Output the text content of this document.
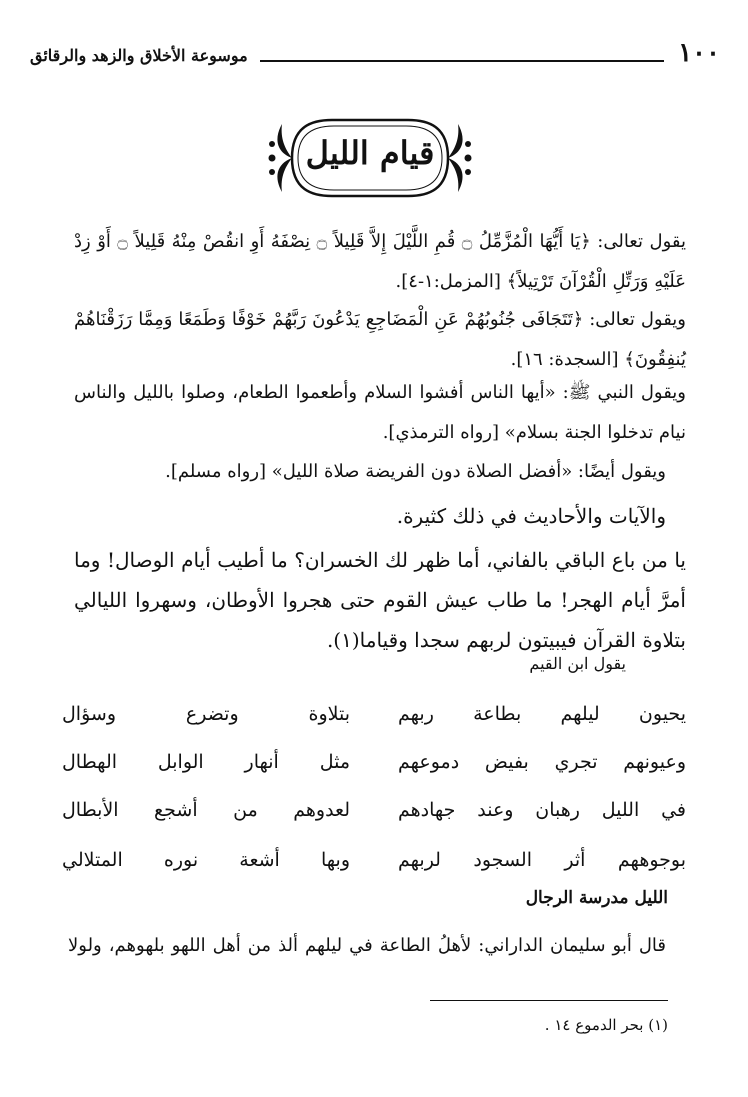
١٠٠
موسوعة الأخلاق والزهد والرقائق
قيام الليل

يقول تعالى: ﴿يَا أَيُّهَا الْمُزَّمِّلُ ۝ قُمِ اللَّيْلَ إِلاَّ قَلِيلاً ۝ نِصْفَهُ أَوِ انقُصْ مِنْهُ قَلِيلاً ۝ أَوْ زِدْ عَلَيْهِ وَرَتِّلِ الْقُرْآنَ تَرْتِيلاً﴾ [المزمل:١-٤].

ويقول تعالى: ﴿تَتَجَافَى جُنُوبُهُمْ عَنِ الْمَضَاجِعِ يَدْعُونَ رَبَّهُمْ خَوْفًا وَطَمَعًا وَمِمَّا رَزَقْنَاهُمْ يُنفِقُونَ﴾ [السجدة: ١٦].

ويقول النبي ﷺ: «أيها الناس أفشوا السلام وأطعموا الطعام، وصلوا بالليل والناس نيام تدخلوا الجنة بسلام» [رواه الترمذي].

ويقول أيضًا: «أفضل الصلاة دون الفريضة صلاة الليل» [رواه مسلم].

والآيات والأحاديث في ذلك كثيرة.

يا من باع الباقي بالفاني، أما ظهر لك الخسران؟ ما أطيب أيام الوصال! وما أمرَّ أيام الهجر! ما طاب عيش القوم حتى هجروا الأوطان، وسهروا الليالي بتلاوة القرآن فيبيتون لربهم سجدا وقياما(١).

يقول ابن القيم
يحيون ليلهم بطاعة ربهم
بتلاوة وتضرع وسؤال
وعيونهم تجري بفيض دموعهم
مثل أنهار الوابل الهطال
في الليل رهبان وعند جهادهم
لعدوهم من أشجع الأبطال
بوجوههم أثر السجود لربهم
وبها أشعة نوره المتلالي
الليل مدرسة الرجال
قال أبو سليمان الداراني: لأهلُ الطاعة في ليلهم ألذ من أهل اللهو بلهوهم، ولولا
(١) بحر الدموع ١٤ .
